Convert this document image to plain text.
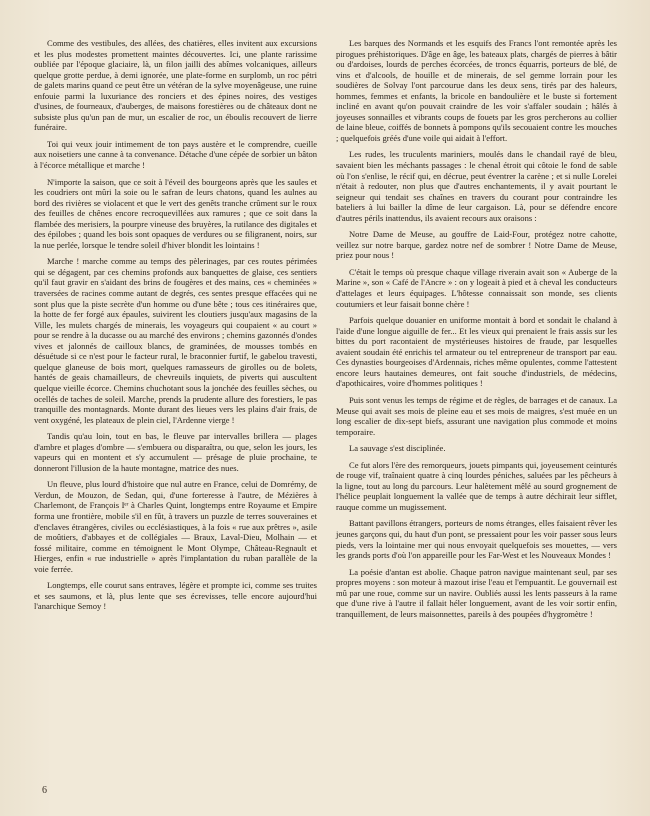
Comme des vestibules, des allées, des chatières, elles invitent aux excursions et les plus modestes promettent maintes découvertes. Ici, une plante rarissime oubliée par l'époque glaciaire, là, un filon jailli des abîmes volcaniques, ailleurs quelque grotte perdue, à demi ignorée, une plate-forme en surplomb, un roc pétri de galets marins quand ce peut être un vétéran de la sylve moyenâgeuse, une ruine enfouie parmi la luxuriance des ronciers et des épines noires, des vestiges d'usines, de fourneaux, d'auberges, de maisons forestières ou de châteaux dont ne subsiste plus qu'un pan de mur, un escalier de roc, un éboulis recouvert de lierre funéraire.

Toi qui veux jouir intimement de ton pays austère et le comprendre, cueille aux noisetiers une canne à ta convenance. Détache d'une cépée de sorbier un bâton à l'écorce métallique et marche !

N'importe la saison, que ce soit à l'éveil des bourgeons après que les saules et les coudriers ont mûri la soie ou le safran de leurs chatons, quand les aulnes au bord des rivières se violacent et que le vert des genêts tranche crûment sur le roux des feuilles de chênes encore recroquevillées aux ramures ; que ce soit dans la flambée des merisiers, la pourpre vineuse des bruyères, la rutilance des digitales et des épilobes ; quand les bois sont opaques de verdures ou se filigranent, noirs, sur la nue perlée, lorsque le tendre soleil d'hiver blondit les lointains !

Marche ! marche comme au temps des pèlerinages, par ces routes périmées qui se dégagent, par ces chemins profonds aux banquettes de glaise, ces sentiers qu'il faut gravir en s'aidant des brins de fougères et des mains, ces « cheminées » traversées de racines comme autant de degrés, ces sentes presque effacées qui ne sont plus que la piste secrète d'un homme ou d'une bête ; tous ces itinéraires que, la hotte de fer forgé aux épaules, suivirent les cloutiers jusqu'aux magasins de la Ville, les mulets chargés de minerais, les voyageurs qui coupaient « au court » pour se rendre à la ducasse ou au marché des environs ; chemins gazonnés d'ondes vives et jalonnés de cailloux blancs, de graminées, de mousses tombés en désuétude si ce n'est pour le facteur rural, le braconnier furtif, le gabelou travesti, quelque glaneuse de bois mort, quelques ramasseurs de girolles ou de bolets, hantés de geais chamailleurs, de chevreuils inquiets, de piverts qui auscultent quelque vieille écorce. Chemins chuchotant sous la jonchée des feuilles sèches, ou ocellés de taches de soleil. Marche, prends la prudente allure des forestiers, le pas tranquille des montagnards. Monte durant des lieues vers les plains d'air frais, de vent oxygéné, les plateaux de plein ciel, l'Ardenne vierge !

Tandis qu'au loin, tout en bas, le fleuve par intervalles brillera — plages d'ambre et plages d'ombre — s'embuera ou disparaîtra, ou que, selon les jours, les vapeurs qui en montent et s'y accumulent — présage de pluie prochaine, te donneront l'illusion de la haute montagne, matrice des nues.

Un fleuve, plus lourd d'histoire que nul autre en France, celui de Domrémy, de Verdun, de Mouzon, de Sedan, qui, d'une forteresse à l'autre, de Mézières à Charlemont, de François Iᵉʳ à Charles Quint, longtemps entre Royaume et Empire forma une frontière, mobile s'il en fût, à travers un puzzle de terres souveraines et d'enclaves étrangères, civiles ou ecclésiastiques, à la fois « rue aux prêtres », asile de moûtiers, d'abbayes et de collégiales — Braux, Laval-Dieu, Molhain — et fossé militaire, comme en témoignent le Mont Olympe, Château-Regnault et Hierges, enfin « rue industrielle » après l'implantation du ruban parallèle de la voie ferrée.

Longtemps, elle courut sans entraves, légère et prompte ici, comme ses truites et ses saumons, et là, plus lente que ses écrevisses, telle encore aujourd'hui l'anarchique Semoy !

Les barques des Normands et les esquifs des Francs l'ont remontée après les pirogues préhistoriques. D'âge en âge, les bateaux plats, chargés de pierres à bâtir ou d'ardoises, lourds de perches écorcées, de troncs équarris, porteurs de blé, de vins et d'alcools, de houille et de minerais, de sel gemme lorrain pour les soudières de Solvay l'ont parcourue dans les deux sens, tirés par des haleurs, hommes, femmes et enfants, la bricole en bandoulière et le buste si fortement incliné en avant qu'on pouvait craindre de les voir s'affaler soudain ; hâlés à joyeuses sonnailles et vibrants coups de fouets par les gros percherons au collier de laine bleue, coiffés de bonnets à pompons qu'ils secouaient contre les mouches ; quelquefois gréés d'une voile qui aidait à l'effort.

Les rudes, les truculents mariniers, moulés dans le chandail rayé de bleu, savaient bien les méchants passages : le chenal étroit qui côtoie le fond de sable où l'on s'enlise, le récif qui, en décrue, peut éventrer la carène ; et si nulle Lorelei n'était à redouter, non plus que d'autres enchantements, il y avait pourtant le seigneur qui tendait ses chaînes en travers du courant pour contraindre les bateliers à lui bailler la dîme de leur cargaison. Là, pour se défendre encore d'autres périls inattendus, ils avaient recours aux oraisons :

Notre Dame de Meuse, au gouffre de Laid-Four, protégez notre cahotte, veillez sur notre barque, gardez notre nef de sombrer ! Notre Dame de Meuse, priez pour nous !

C'était le temps où presque chaque village riverain avait son « Auberge de la Marine », son « Café de l'Ancre » : on y logeait à pied et à cheval les conducteurs d'attelages et leurs équipages. L'hôtesse connaissait son monde, ses clients coutumiers et leur faisait bonne chère !

Parfois quelque douanier en uniforme montait à bord et sondait le chaland à l'aide d'une longue aiguille de fer... Et les vieux qui prenaient le frais assis sur les bittes du port racontaient de mystérieuses histoires de fraude, par lesquelles avaient soudain été enrichis tel armateur ou tel entrepreneur de transport par eau. Ces dynasties bourgeoises d'Ardennais, riches même opulentes, comme l'attestent encore leurs hautaines demeures, ont fait souche d'industriels, de médecins, d'apothicaires, voire d'hommes politiques !

Puis sont venus les temps de régime et de règles, de barrages et de canaux. La Meuse qui avait ses mois de pleine eau et ses mois de maigres, s'est muée en un long escalier de dix-sept biefs, assurant une navigation plus commode et moins temporaire.

La sauvage s'est disciplinée.

Ce fut alors l'ère des remorqueurs, jouets pimpants qui, joyeusement ceinturés de rouge vif, traînaient quatre à cinq lourdes péniches, saluées par les pêcheurs à la ligne, tout au long du parcours. Leur halètement mêlé au sourd grognement de l'hélice peuplait longuement la vallée que de temps à autre déchirait leur sifflet, rauque comme un mugissement.

Battant pavillons étrangers, porteurs de noms étranges, elles faisaient rêver les jeunes garçons qui, du haut d'un pont, se pressaient pour les voir passer sous leurs pieds, vers la lointaine mer qui nous envoyait quelquefois ses mouettes, — vers les grands ports d'où l'on appareille pour les Far-West et les Nouveaux Mondes !

La poésie d'antan est abolie. Chaque patron navigue maintenant seul, par ses propres moyens : son moteur à mazout irise l'eau et l'empuantit. Le gouvernail est mû par une roue, comme sur un navire. Oubliés aussi les lents passeurs à la rame que d'une rive à l'autre il fallait héler longuement, avant de les voir sortir enfin, tranquillement, de leurs maisonnettes, pareils à des poupées d'hygromètre !

6
